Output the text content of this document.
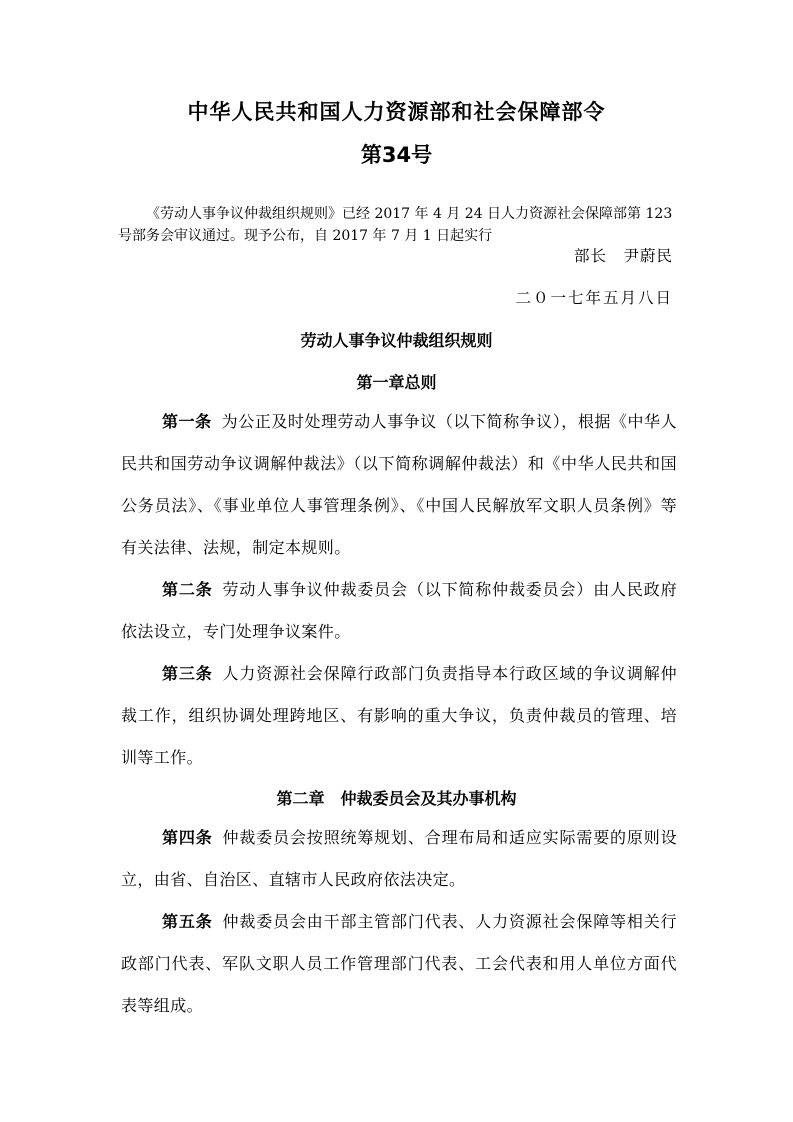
中华人民共和国人力资源部和社会保障部令
第34号
《劳动人事争议仲裁组织规则》已经 2017 年 4 月 24 日人力资源社会保障部第 123 号部务会审议通过。现予公布，自 2017 年 7 月 1 日起实行
部长　尹蔚民
二０一七年五月八日
劳动人事争议仲裁组织规则
第一章总则
第一条 为公正及时处理劳动人事争议（以下简称争议），根据《中华人民共和国劳动争议调解仲裁法》（以下简称调解仲裁法）和《中华人民共和国公务员法》、《事业单位人事管理条例》、《中国人民解放军文职人员条例》等有关法律、法规，制定本规则。
第二条 劳动人事争议仲裁委员会（以下简称仲裁委员会）由人民政府依法设立，专门处理争议案件。
第三条 人力资源社会保障行政部门负责指导本行政区域的争议调解仲裁工作，组织协调处理跨地区、有影响的重大争议，负责仲裁员的管理、培训等工作。
第二章　仲裁委员会及其办事机构
第四条 仲裁委员会按照统筹规划、合理布局和适应实际需要的原则设立，由省、自治区、直辖市人民政府依法决定。
第五条 仲裁委员会由干部主管部门代表、人力资源社会保障等相关行政部门代表、军队文职人员工作管理部门代表、工会代表和用人单位方面代表等组成。
